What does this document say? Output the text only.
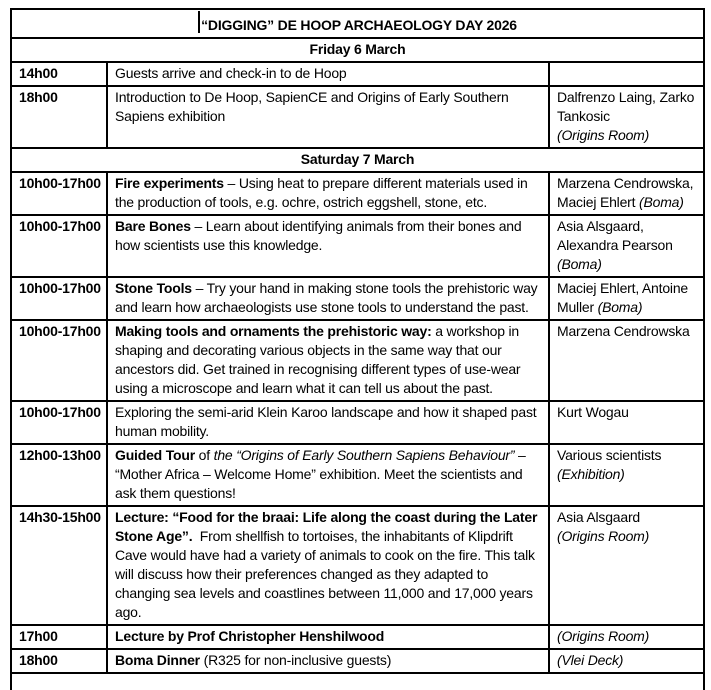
“DIGGING” DE HOOP ARCHAEOLOGY DAY 2026		
Friday 6 March		
14h00	Guests arrive and check-in to de Hoop	
18h00	Introduction to De Hoop, SapienCE and Origins of Early Southern Sapiens exhibition	Dalfrenzo Laing, Zarko Tankosic
(Origins Room)
Saturday 7 March		
10h00-17h00	Fire experiments – Using heat to prepare different materials used in the production of tools, e.g. ochre, ostrich eggshell, stone, etc.	Marzena Cendrowska, Maciej Ehlert (Boma)
10h00-17h00	Bare Bones – Learn about identifying animals from their bones and how scientists use this knowledge.	Asia Alsgaard, Alexandra Pearson (Boma)
10h00-17h00	Stone Tools – Try your hand in making stone tools the prehistoric way and learn how archaeologists use stone tools to understand the past.	Maciej Ehlert, Antoine Muller (Boma)
10h00-17h00	Making tools and ornaments the prehistoric way: a workshop in shaping and decorating various objects in the same way that our ancestors did. Get trained in recognising different types of use-wear using a microscope and learn what it can tell us about the past.	Marzena Cendrowska
10h00-17h00	Exploring the semi-arid Klein Karoo landscape and how it shaped past human mobility.	Kurt Wogau
12h00-13h00	Guided Tour of the “Origins of Early Southern Sapiens Behaviour” – “Mother Africa – Welcome Home” exhibition. Meet the scientists and ask them questions!	Various scientists
(Exhibition)
14h30-15h00	Lecture: “Food for the braai: Life along the coast during the Later Stone Age”.  From shellfish to tortoises, the inhabitants of Klipdrift Cave would have had a variety of animals to cook on the fire. This talk will discuss how their preferences changed as they adapted to changing sea levels and coastlines between 11,000 and 17,000 years ago.	Asia Alsgaard
(Origins Room)
17h00	Lecture by Prof Christopher Henshilwood	(Origins Room)
18h00	Boma Dinner (R325 for non-inclusive guests)	(Vlei Deck)
